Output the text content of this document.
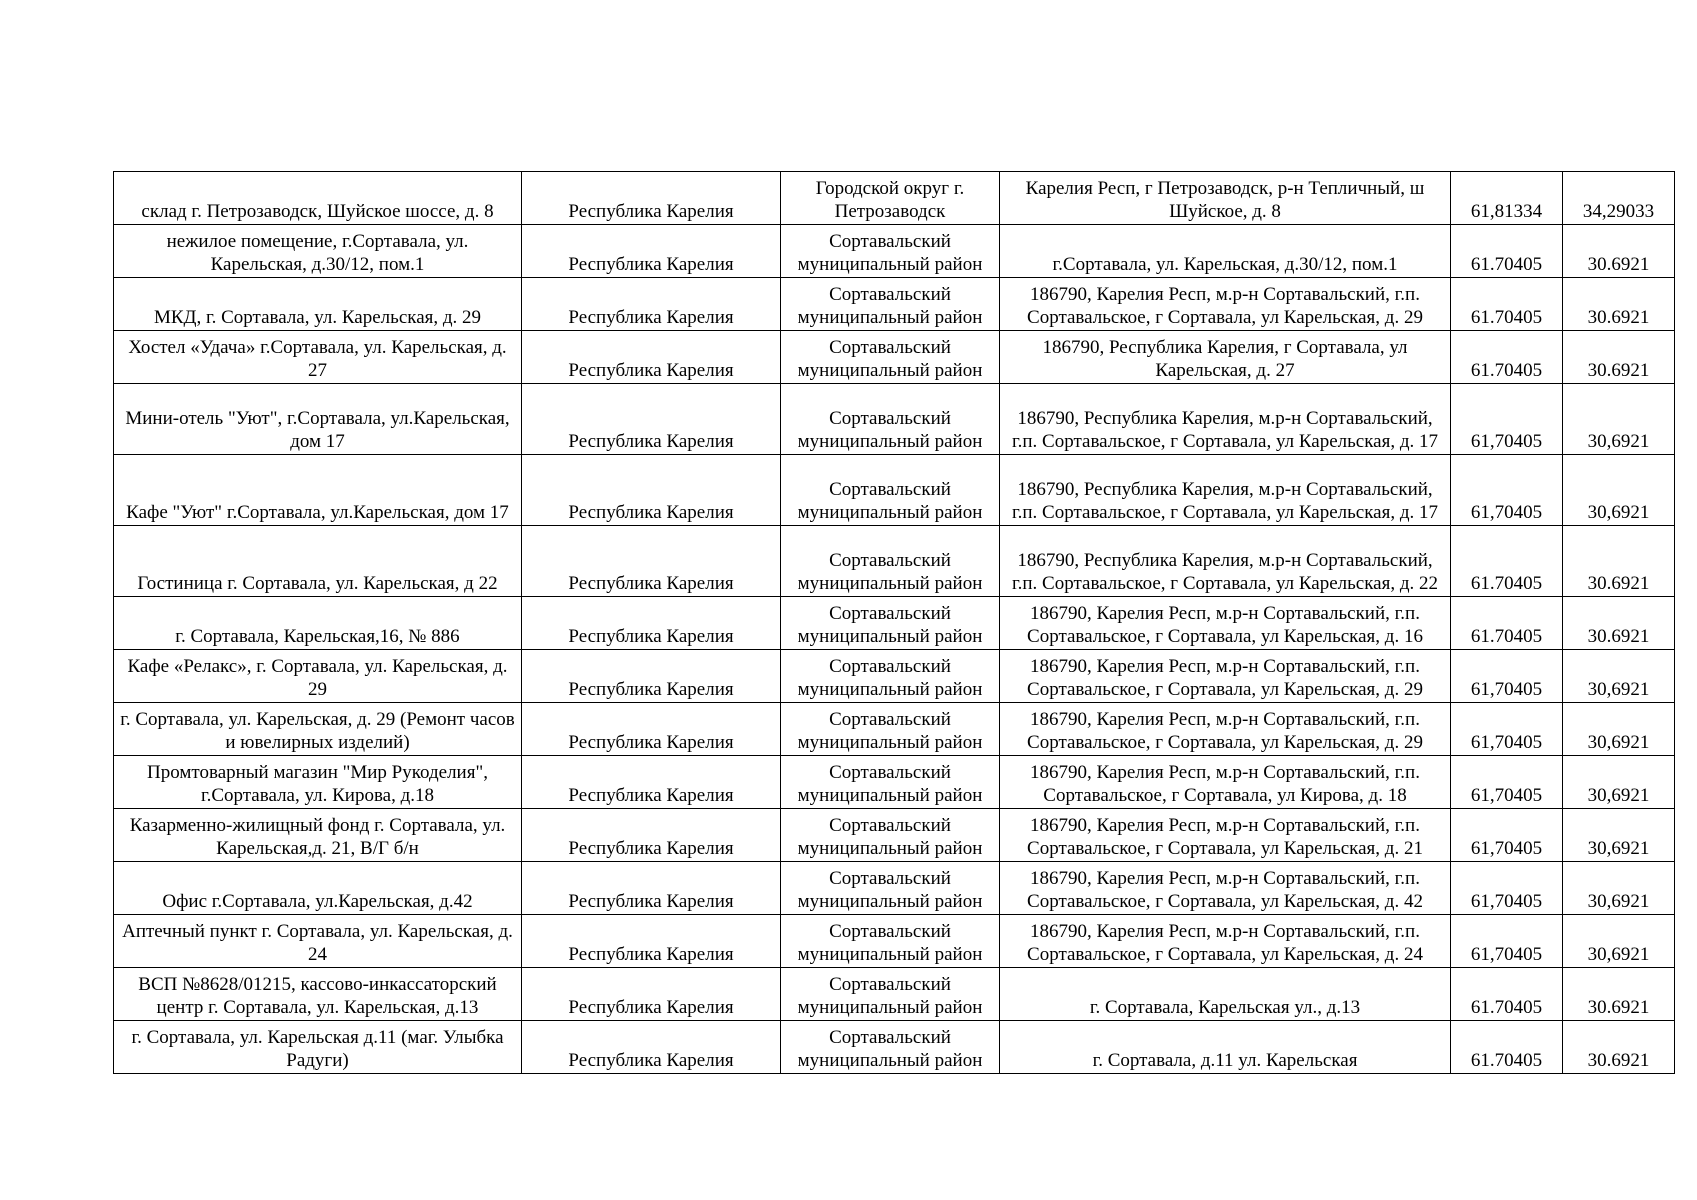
склад г. Петрозаводск, Шуйское шоссе, д. 8	Республика Карелия	Городской округ г. Петрозаводск	Карелия Респ, г Петрозаводск, р-н Тепличный, ш Шуйское, д. 8	61,81334	34,29033
нежилое помещение, г.Сортавала, ул. Карельская, д.30/12, пом.1	Республика Карелия	Сортавальский муниципальный район	г.Сортавала, ул. Карельская, д.30/12, пом.1	61.70405	30.6921
МКД, г. Сортавала, ул. Карельская, д. 29	Республика Карелия	Сортавальский муниципальный район	186790, Карелия Респ, м.р-н Сортавальский, г.п. Сортавальское, г Сортавала, ул Карельская, д. 29	61.70405	30.6921
Хостел «Удача» г.Сортавала, ул. Карельская, д. 27	Республика Карелия	Сортавальский муниципальный район	186790, Республика Карелия, г Сортавала, ул Карельская, д. 27	61.70405	30.6921
Мини-отель "Уют", г.Сортавала, ул.Карельская, дом 17	Республика Карелия	Сортавальский муниципальный район	186790, Республика Карелия, м.р-н Сортавальский, г.п. Сортавальское, г Сортавала, ул Карельская, д. 17	61,70405	30,6921
Кафе "Уют" г.Сортавала, ул.Карельская, дом 17	Республика Карелия	Сортавальский муниципальный район	186790, Республика Карелия, м.р-н Сортавальский, г.п. Сортавальское, г Сортавала, ул Карельская, д. 17	61,70405	30,6921
Гостиница г. Сортавала, ул. Карельская, д 22	Республика Карелия	Сортавальский муниципальный район	186790, Республика Карелия, м.р-н Сортавальский, г.п. Сортавальское, г Сортавала, ул Карельская, д. 22	61.70405	30.6921
г. Сортавала, Карельская,16, № 886	Республика Карелия	Сортавальский муниципальный район	186790, Карелия Респ, м.р-н Сортавальский, г.п. Сортавальское, г Сортавала, ул Карельская, д. 16	61.70405	30.6921
Кафе «Релакс», г. Сортавала, ул. Карельская, д. 29	Республика Карелия	Сортавальский муниципальный район	186790, Карелия Респ, м.р-н Сортавальский, г.п. Сортавальское, г Сортавала, ул Карельская, д. 29	61,70405	30,6921
г. Сортавала, ул. Карельская, д. 29 (Ремонт часов и ювелирных изделий)	Республика Карелия	Сортавальский муниципальный район	186790, Карелия Респ, м.р-н Сортавальский, г.п. Сортавальское, г Сортавала, ул Карельская, д. 29	61,70405	30,6921
Промтоварный магазин "Мир Рукоделия", г.Сортавала, ул. Кирова, д.18	Республика Карелия	Сортавальский муниципальный район	186790, Карелия Респ, м.р-н Сортавальский, г.п. Сортавальское, г Сортавала, ул Кирова, д. 18	61,70405	30,6921
Казарменно-жилищный фонд г. Сортавала, ул. Карельская,д. 21, В/Г б/н	Республика Карелия	Сортавальский муниципальный район	186790, Карелия Респ, м.р-н Сортавальский, г.п. Сортавальское, г Сортавала, ул Карельская, д. 21	61,70405	30,6921
Офис г.Сортавала, ул.Карельская, д.42	Республика Карелия	Сортавальский муниципальный район	186790, Карелия Респ, м.р-н Сортавальский, г.п. Сортавальское, г Сортавала, ул Карельская, д. 42	61,70405	30,6921
Аптечный пункт г. Сортавала, ул. Карельская, д. 24	Республика Карелия	Сортавальский муниципальный район	186790, Карелия Респ, м.р-н Сортавальский, г.п. Сортавальское, г Сортавала, ул Карельская, д. 24	61,70405	30,6921
ВСП №8628/01215, кассово-инкассаторский центр г. Сортавала, ул. Карельская, д.13	Республика Карелия	Сортавальский муниципальный район	г. Сортавала, Карельская ул., д.13	61.70405	30.6921
г. Сортавала, ул. Карельская д.11 (маг. Улыбка Радуги)	Республика Карелия	Сортавальский муниципальный район	г. Сортавала, д.11 ул. Карельская	61.70405	30.6921
